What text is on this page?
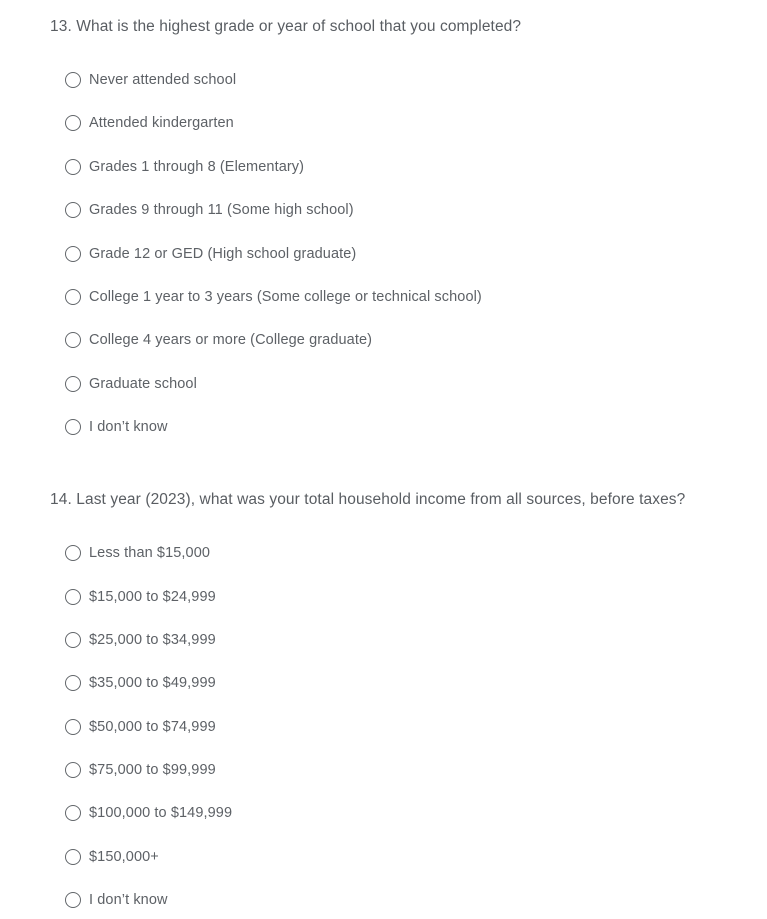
13. What is the highest grade or year of school that you completed?
Never attended school
Attended kindergarten
Grades 1 through 8 (Elementary)
Grades 9 through 11 (Some high school)
Grade 12 or GED (High school graduate)
College 1 year to 3 years (Some college or technical school)
College 4 years or more (College graduate)
Graduate school
I don’t know
14. Last year (2023), what was your total household income from all sources, before taxes?
Less than $15,000
$15,000 to $24,999
$25,000 to $34,999
$35,000 to $49,999
$50,000 to $74,999
$75,000 to $99,999
$100,000 to $149,999
$150,000+
I don’t know
